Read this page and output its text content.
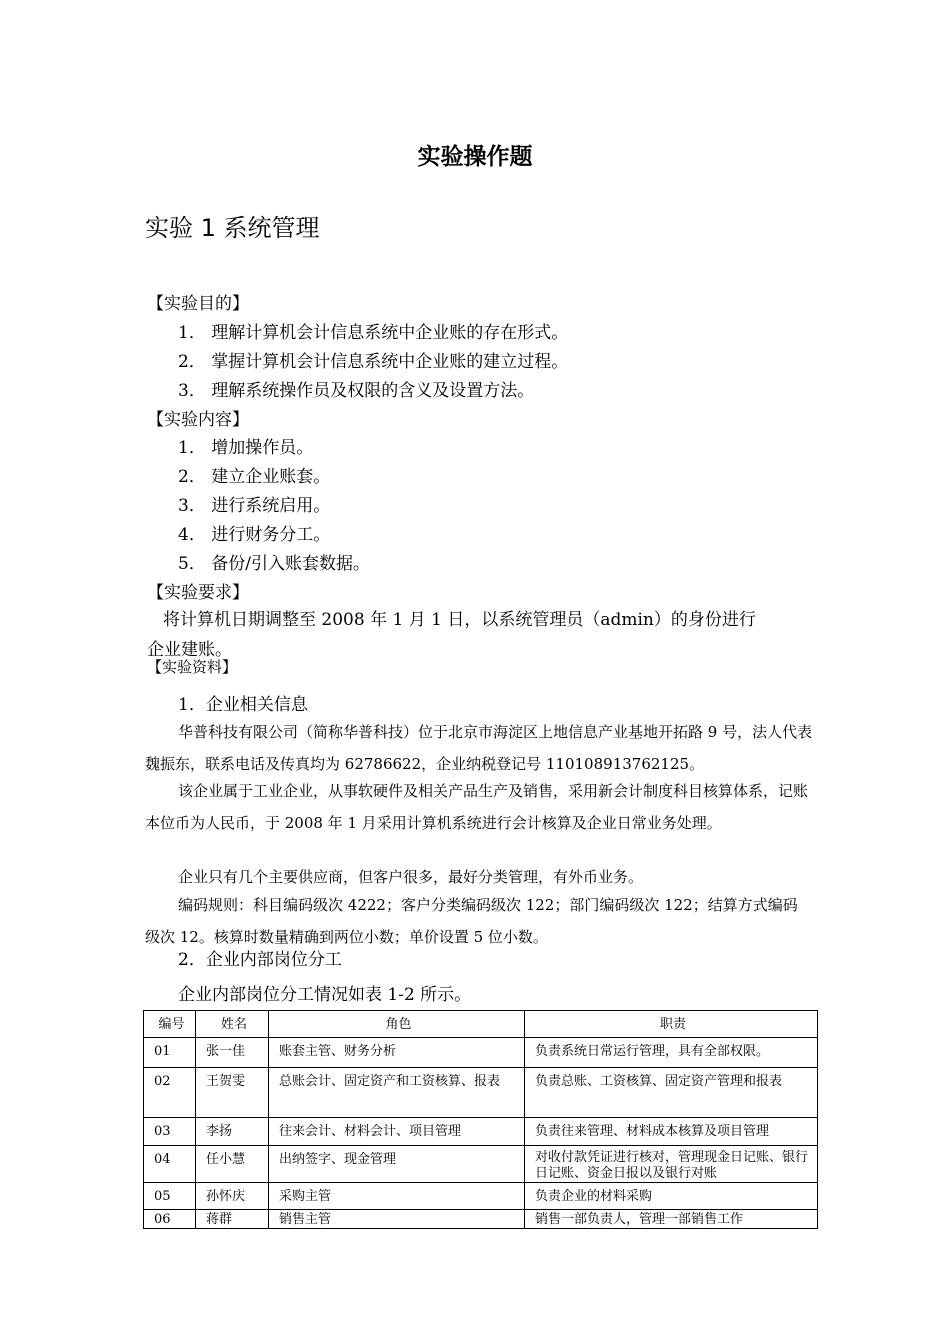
实验操作题
实验 1 系统管理
【实验目的】
1． 理解计算机会计信息系统中企业账的存在形式。
2． 掌握计算机会计信息系统中企业账的建立过程。
3． 理解系统操作员及权限的含义及设置方法。
【实验内容】
1． 增加操作员。
2． 建立企业账套。
3． 进行系统启用。
4． 进行财务分工。
5． 备份/引入账套数据。
【实验要求】
将计算机日期调整至 2008 年 1 月 1 日，以系统管理员（admin）的身份进行
企业建账。
【实验资料】
1．企业相关信息
华普科技有限公司（简称华普科技）位于北京市海淀区上地信息产业基地开拓路 9 号，法人代表魏振东，联系电话及传真均为 62786622，企业纳税登记号 110108913762125。
该企业属于工业企业，从事软硬件及相关产品生产及销售，采用新会计制度科目核算体系，记账本位币为人民币，于 2008 年 1 月采用计算机系统进行会计核算及企业日常业务处理。
企业只有几个主要供应商，但客户很多，最好分类管理，有外币业务。
编码规则：科目编码级次 4222；客户分类编码级次 122；部门编码级次 122；结算方式编码级次 12。核算时数量精确到两位小数；单价设置 5 位小数。
2．企业内部岗位分工
企业内部岗位分工情况如表 1-2 所示。
编号	姓名	角色	职责
01	张一佳	账套主管、财务分析	负责系统日常运行管理，具有全部权限。
02	王贺雯	总账会计、固定资产和工资核算、报表	负责总账、工资核算、固定资产管理和报表
03	李扬	往来会计、材料会计、项目管理	负责往来管理、材料成本核算及项目管理
04	任小慧	出纳签字、现金管理	对收付款凭证进行核对，管理现金日记账、银行日记账、资金日报以及银行对账
05	孙怀庆	采购主管	负责企业的材料采购
06	蒋群	销售主管	销售一部负责人，管理一部销售工作
